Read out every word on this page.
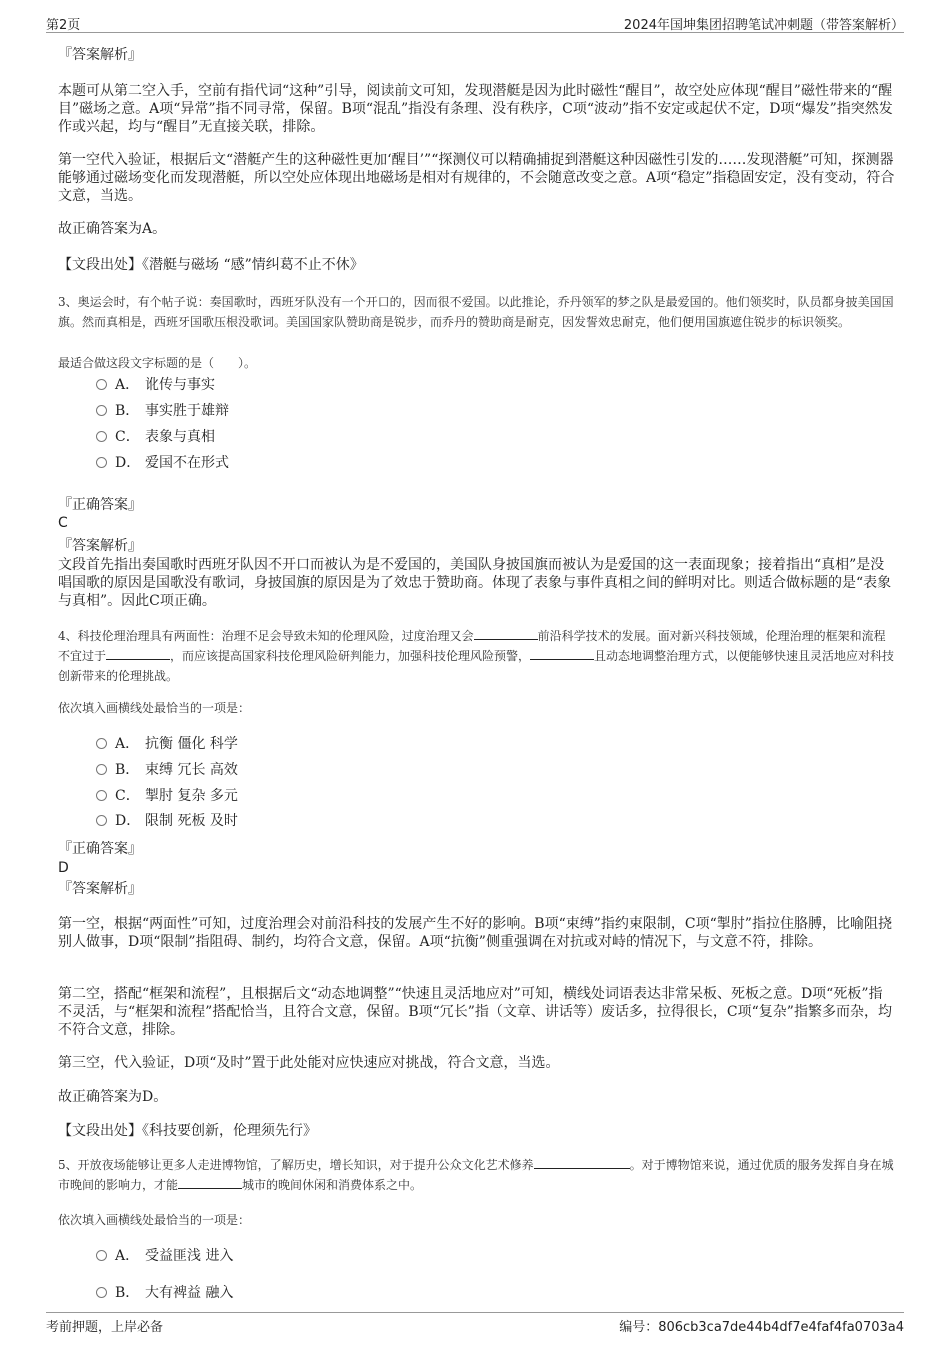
第2页	2024年国坤集团招聘笔试冲刺题（带答案解析）

『答案解析』

本题可从第二空入手，空前有指代词“这种”引导，阅读前文可知，发现潜艇是因为此时磁性“醒目”，故空处应体现“醒目”磁性带来的“醒目”磁场之意。A项“异常”指不同寻常，保留。B项“混乱”指没有条理、没有秩序，C项“波动”指不安定或起伏不定，D项“爆发”指突然发作或兴起，均与“醒目”无直接关联，排除。

第一空代入验证，根据后文“潜艇产生的这种磁性更加‘醒目’”“探测仪可以精确捕捉到潜艇这种因磁性引发的……发现潜艇”可知，探测器能够通过磁场变化而发现潜艇，所以空处应体现出地磁场是相对有规律的，不会随意改变之意。A项“稳定”指稳固安定，没有变动，符合文意，当选。

故正确答案为A。

【文段出处】《潜艇与磁场 “感”情纠葛不止不休》

3、奥运会时，有个帖子说：奏国歌时，西班牙队没有一个开口的，因而很不爱国。以此推论，乔丹领军的梦之队是最爱国的。他们领奖时，队员都身披美国国旗。然而真相是，西班牙国歌压根没歌词。美国国家队赞助商是锐步，而乔丹的赞助商是耐克，因发誓效忠耐克，他们便用国旗遮住锐步的标识领奖。

最适合做这段文字标题的是（　　）。

A． 讹传与事实
B． 事实胜于雄辩
C． 表象与真相
D． 爱国不在形式

『正确答案』

C

『答案解析』

文段首先指出奏国歌时西班牙队因不开口而被认为是不爱国的，美国队身披国旗而被认为是爱国的这一表面现象；接着指出“真相”是没唱国歌的原因是国歌没有歌词，身披国旗的原因是为了效忠于赞助商。体现了表象与事件真相之间的鲜明对比。则适合做标题的是“表象与真相”。因此C项正确。

4、科技伦理治理具有两面性：治理不足会导致未知的伦理风险，过度治理又会	前沿科学技术的发展。面对新兴科技领域，伦理治理的框架和流程不宜过于	，而应该提高国家科技伦理风险研判能力，加强科技伦理风险预警，	且动态地调整治理方式，以便能够快速且灵活地应对科技创新带来的伦理挑战。

依次填入画横线处最恰当的一项是：

A． 抗衡 僵化 科学
B． 束缚 冗长 高效
C． 掣肘 复杂 多元
D． 限制 死板 及时

『正确答案』

D

『答案解析』

第一空，根据“两面性”可知，过度治理会对前沿科技的发展产生不好的影响。B项“束缚”指约束限制，C项“掣肘”指拉住胳膊，比喻阻挠别人做事，D项“限制”指阻碍、制约，均符合文意，保留。A项“抗衡”侧重强调在对抗或对峙的情况下，与文意不符，排除。

第二空，搭配“框架和流程”，且根据后文“动态地调整”“快速且灵活地应对”可知，横线处词语表达非常呆板、死板之意。D项“死板”指不灵活，与“框架和流程”搭配恰当，且符合文意，保留。B项“冗长”指（文章、讲话等）废话多，拉得很长，C项“复杂”指繁多而杂，均不符合文意，排除。

第三空，代入验证，D项“及时”置于此处能对应快速应对挑战，符合文意，当选。

故正确答案为D。

【文段出处】《科技要创新，伦理须先行》

5、开放夜场能够让更多人走进博物馆，了解历史，增长知识，对于提升公众文化艺术修养	。对于博物馆来说，通过优质的服务发挥自身在城市晚间的影响力，才能	城市的晚间休闲和消费体系之中。

依次填入画横线处最恰当的一项是：

A． 受益匪浅 进入
B． 大有裨益 融入
考前押题，上岸必备	编号：806cb3ca7de44b4df7e4faf4fa0703a4
